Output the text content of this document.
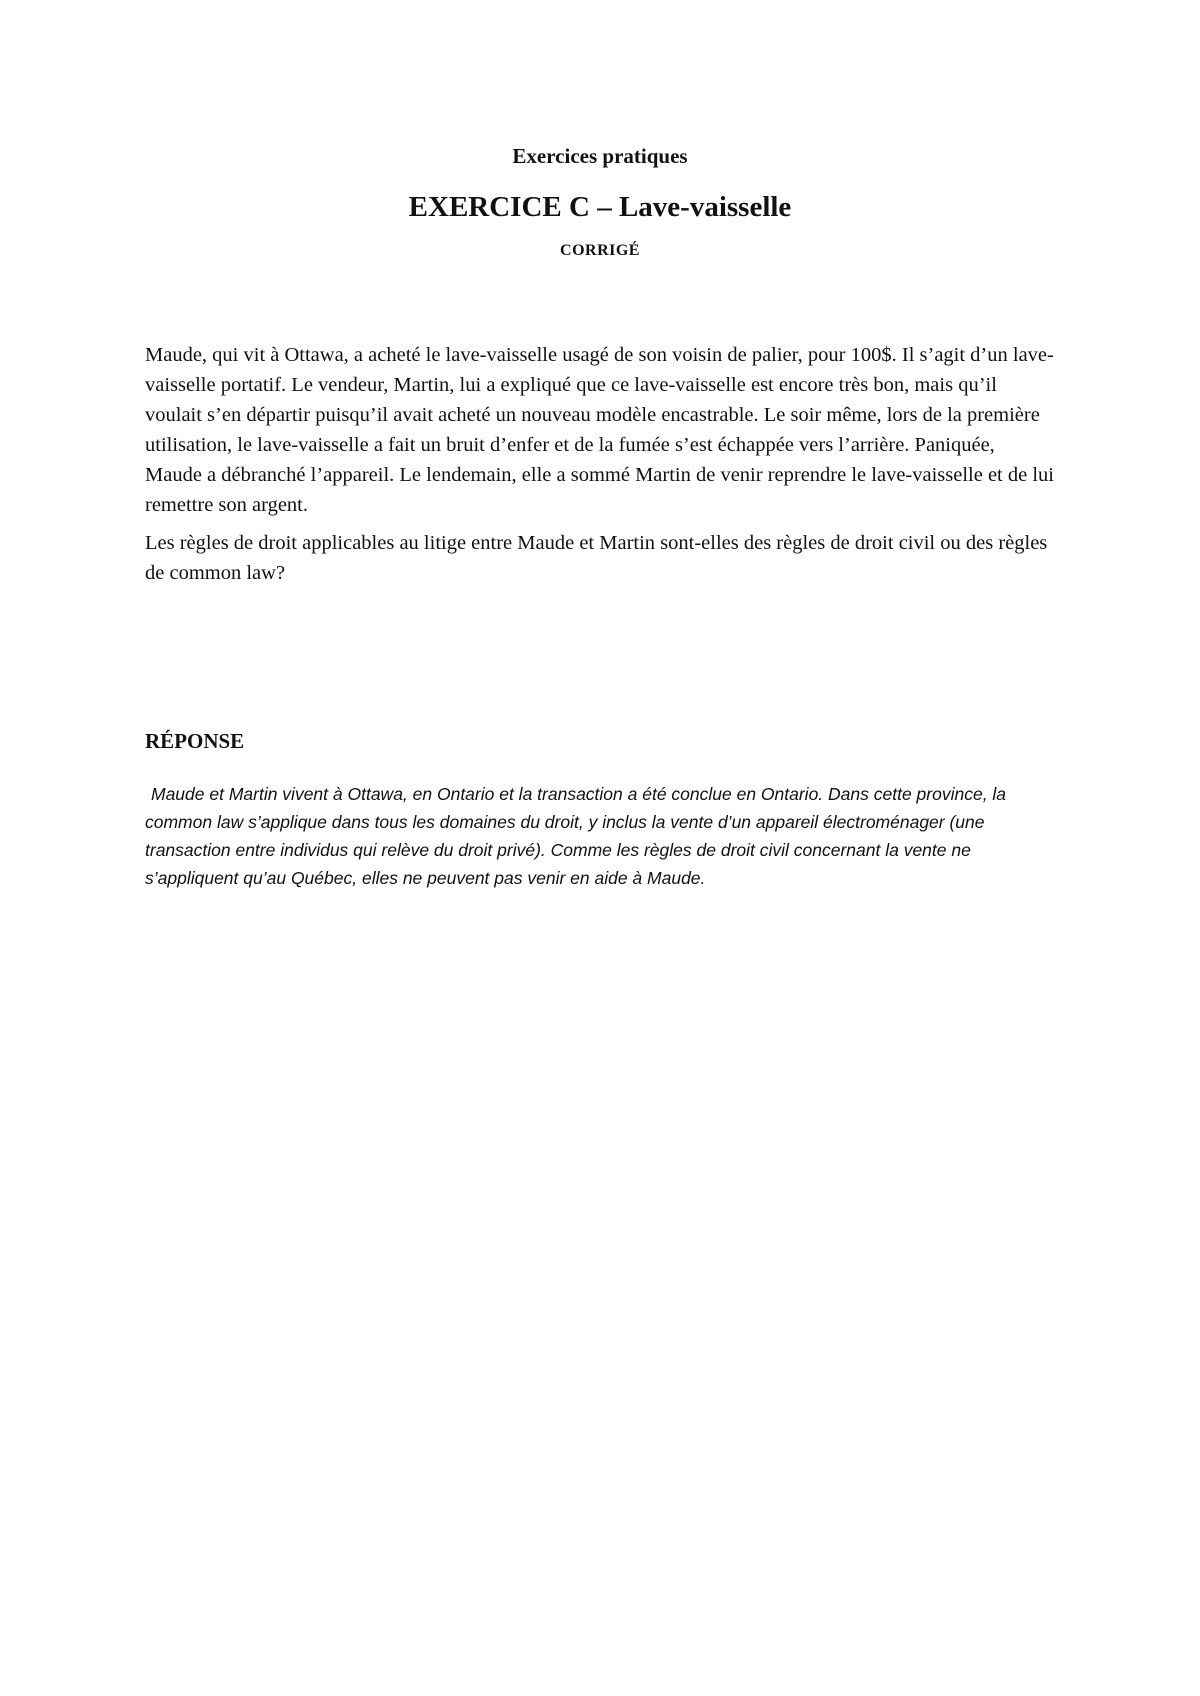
Exercices pratiques
EXERCICE C – Lave-vaisselle
CORRIGÉ

Maude, qui vit à Ottawa, a acheté le lave-vaisselle usagé de son voisin de palier, pour 100$. Il s’agit d’un lave-vaisselle portatif. Le vendeur, Martin, lui a expliqué que ce lave-vaisselle est encore très bon, mais qu’il voulait s’en départir puisqu’il avait acheté un nouveau modèle encastrable. Le soir même, lors de la première utilisation, le lave-vaisselle a fait un bruit d’enfer et de la fumée s’est échappée vers l’arrière. Paniquée, Maude a débranché l’appareil. Le lendemain, elle a sommé Martin de venir reprendre le lave-vaisselle et de lui remettre son argent.

Les règles de droit applicables au litige entre Maude et Martin sont-elles des règles de droit civil ou des règles de common law?

RÉPONSE
Maude et Martin vivent à Ottawa, en Ontario et la transaction a été conclue en Ontario. Dans cette province, la common law s’applique dans tous les domaines du droit, y inclus la vente d’un appareil électroménager (une transaction entre individus qui relève du droit privé). Comme les règles de droit civil concernant la vente ne s’appliquent qu’au Québec, elles ne peuvent pas venir en aide à Maude.
